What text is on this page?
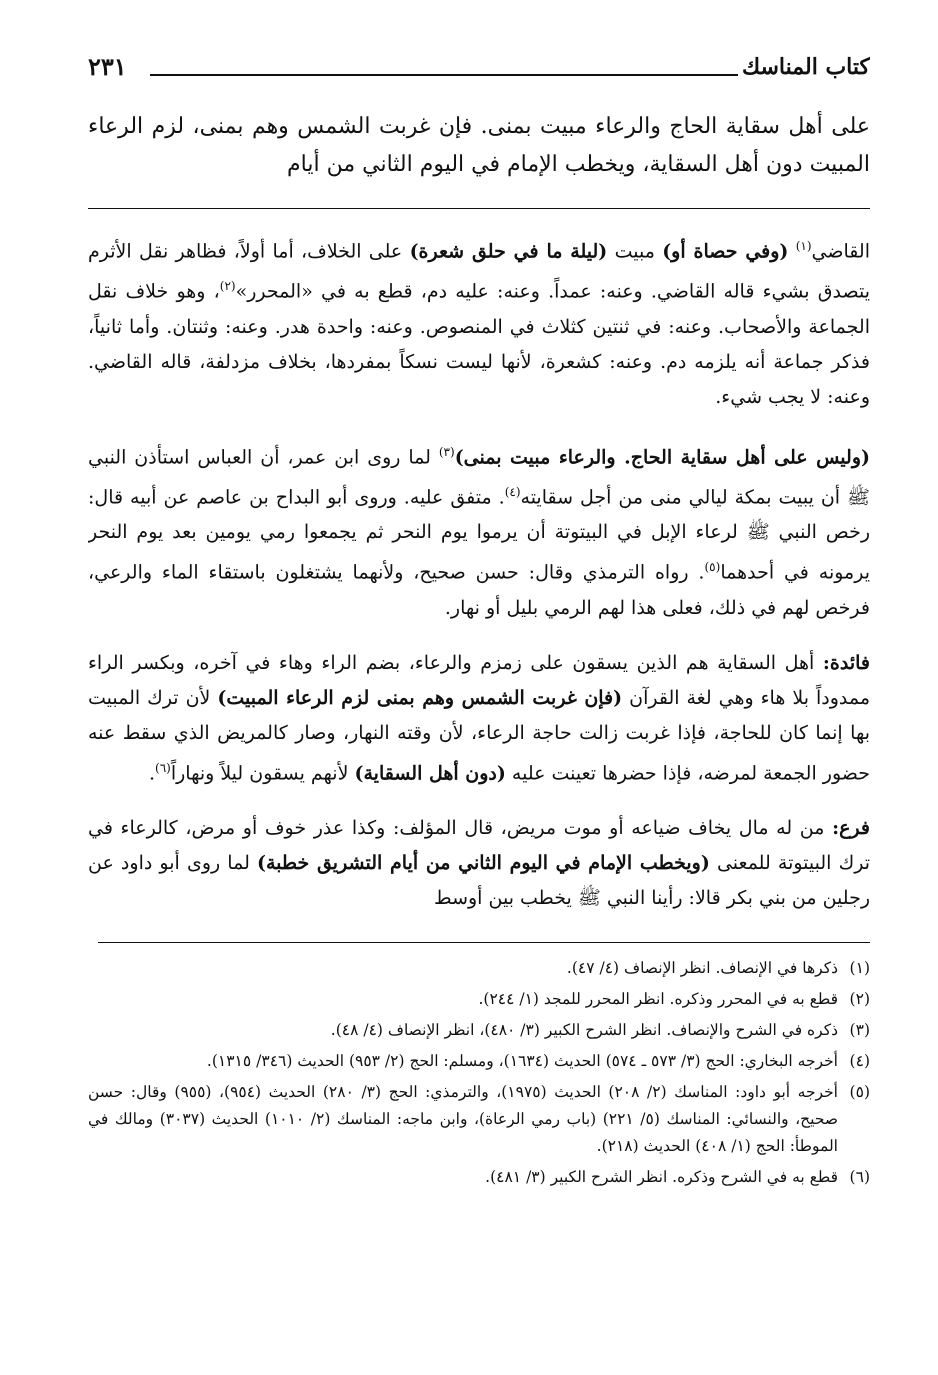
كتاب المناسك
٢٣١
على أهل سقاية الحاج والرعاء مبيت بمنى. فإن غربت الشمس وهم بمنى، لزم الرعاء المبيت دون أهل السقاية، ويخطب الإمام في اليوم الثاني من أيام

القاضي$^{(١)}$ (وفي حصاة أو) مبيت (ليلة ما في حلق شعرة) على الخلاف، أما أولاً، فظاهر نقل الأثرم يتصدق بشيء قاله القاضي. وعنه: عمداً. وعنه: عليه دم، قطع به في «المحرر»$^{(٢)}$، وهو خلاف نقل الجماعة والأصحاب. وعنه: في ثنتين كثلاث في المنصوص. وعنه: واحدة هدر. وعنه: وثنتان. وأما ثانياً، فذكر جماعة أنه يلزمه دم. وعنه: كشعرة، لأنها ليست نسكاً بمفردها، بخلاف مزدلفة، قاله القاضي. وعنه: لا يجب شيء.

(وليس على أهل سقاية الحاج. والرعاء مبيت بمنى)$^{(٣)}$ لما روى ابن عمر، أن العباس استأذن النبي ﷺ أن يبيت بمكة ليالي منى من أجل سقايته$^{(٤)}$. متفق عليه. وروى أبو البداح بن عاصم عن أبيه قال: رخص النبي ﷺ لرعاء الإبل في البيتوتة أن يرموا يوم النحر ثم يجمعوا رمي يومين بعد يوم النحر يرمونه في أحدهما$^{(٥)}$. رواه الترمذي وقال: حسن صحيح، ولأنهما يشتغلون باستقاء الماء والرعي، فرخص لهم في ذلك، فعلى هذا لهم الرمي بليل أو نهار.

فائدة: أهل السقاية هم الذين يسقون على زمزم والرعاء، بضم الراء وهاء في آخره، وبكسر الراء ممدوداً بلا هاء وهي لغة القرآن (فإن غربت الشمس وهم بمنى لزم الرعاء المبيت) لأن ترك المبيت بها إنما كان للحاجة، فإذا غربت زالت حاجة الرعاء، لأن وقته النهار، وصار كالمريض الذي سقط عنه حضور الجمعة لمرضه، فإذا حضرها تعينت عليه (دون أهل السقاية) لأنهم يسقون ليلاً ونهاراً$^{(٦)}$.

فرع: من له مال يخاف ضياعه أو موت مريض، قال المؤلف: وكذا عذر خوف أو مرض، كالرعاء في ترك البيتوتة للمعنى (ويخطب الإمام في اليوم الثاني من أيام التشريق خطبة) لما روى أبو داود عن رجلين من بني بكر قالا: رأينا النبي ﷺ يخطب بين أوسط

(١)
ذكرها في الإنصاف. انظر الإنصاف (٤/ ٤٧).
(٢)
قطع به في المحرر وذكره. انظر المحرر للمجد (١/ ٢٤٤).
(٣)
ذكره في الشرح والإنصاف. انظر الشرح الكبير (٣/ ٤٨٠)، انظر الإنصاف (٤/ ٤٨).
(٤)
أخرجه البخاري: الحج (٣/ ٥٧٣ ـ ٥٧٤) الحديث (١٦٣٤)، ومسلم: الحج (٢/ ٩٥٣) الحديث (٣٤٦/ ١٣١٥).
(٥)
أخرجه أبو داود: المناسك (٢/ ٢٠٨) الحديث (١٩٧٥)، والترمذي: الحج (٣/ ٢٨٠) الحديث (٩٥٤)، (٩٥٥) وقال: حسن صحيح، والنسائي: المناسك (٥/ ٢٢١) (باب رمي الرعاة)، وابن ماجه: المناسك (٢/ ١٠١٠) الحديث (٣٠٣٧) ومالك في الموطأ: الحج (١/ ٤٠٨) الحديث (٢١٨).
(٦)
قطع به في الشرح وذكره. انظر الشرح الكبير (٣/ ٤٨١).
